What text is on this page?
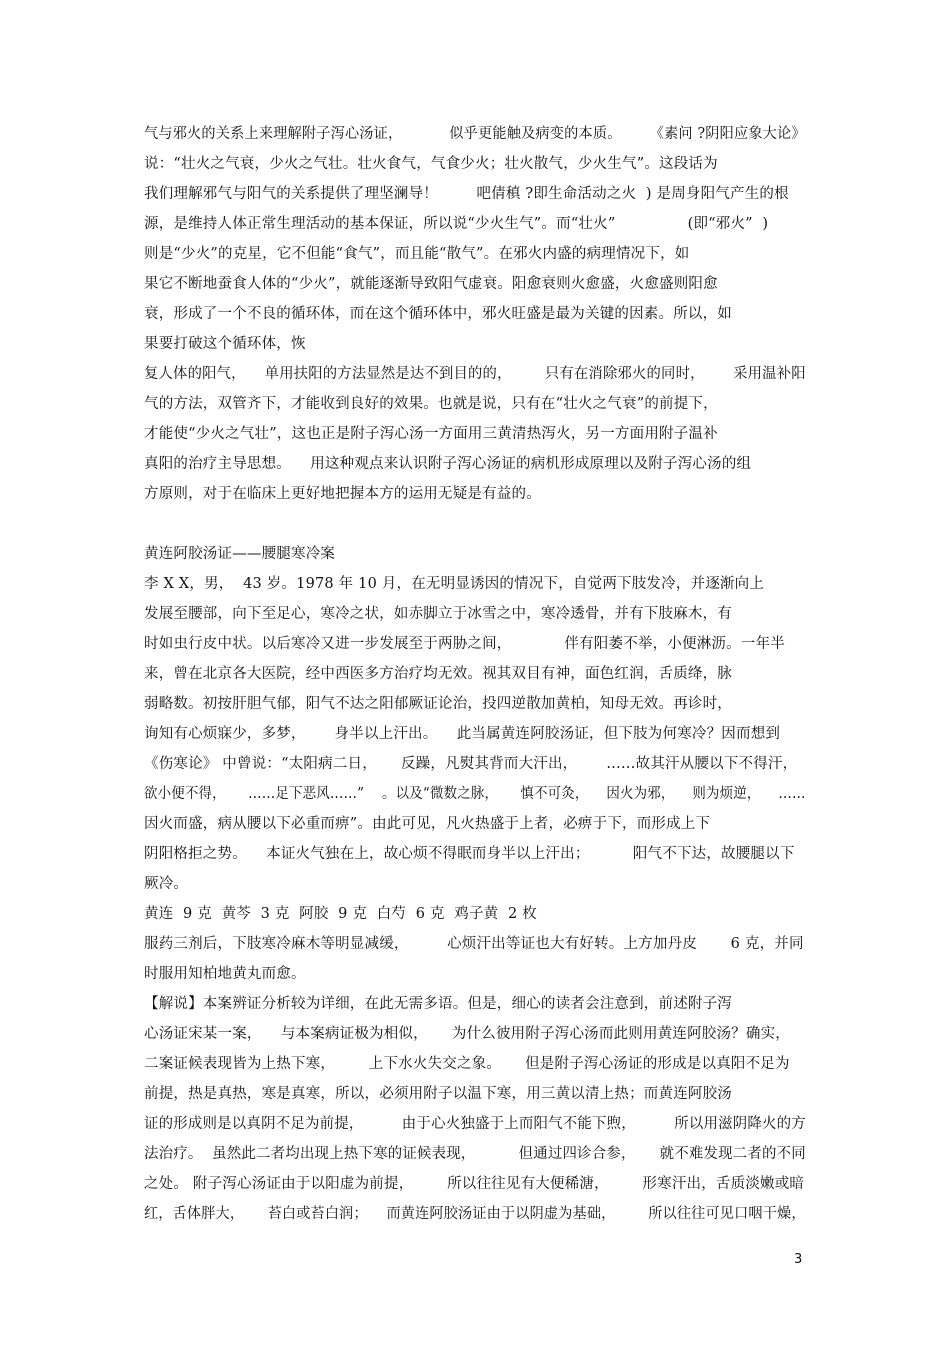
气与邪火的关系上来理解附子泻心汤证，          似乎更能触及病变的本质。      《素问 ?阴阳应象大论》
说：“壮火之气衰，少火之气壮。壮火食气，气食少火；壮火散气，少火生气”。这段话为
我们理解邪气与阳气的关系提供了理坚澜导！        吧倩稹 ?即生命活动之火  ) 是周身阳气产生的根
源，是维持人体正常生理活动的基本保证，所以说“少火生气”。而“壮火”               (即“邪火”  )
则是“少火”的克星，它不但能“食气”，而且能“散气”。在邪火内盛的病理情况下，如
果它不断地蚕食人体的“少火”，就能逐渐导致阳气虚衰。阳愈衰则火愈盛，火愈盛则阳愈
衰，形成了一个不良的循环体，而在这个循环体中，邪火旺盛是最为关键的因素。所以，如
果要打破这个循环体，恢
复人体的阳气，    单用扶阳的方法显然是达不到目的的，       只有在消除邪火的同时，      采用温补阳
气的方法，双管齐下，才能收到良好的效果。也就是说，只有在“壮火之气衰”的前提下，
才能使“少火之气壮”，这也正是附子泻心汤一方面用三黄清热泻火，另一方面用附子温补
真阳的治疗主导思想。    用这种观点来认识附子泻心汤证的病机形成原理以及附子泻心汤的组
方原则，对于在临床上更好地把握本方的运用无疑是有益的。
黄连阿胶汤证——腰腿寒冷案
李 X X，男，  43 岁。1978 年 10 月，在无明显诱因的情况下，自觉两下肢发冷，并逐渐向上
发展至腰部，向下至足心，寒冷之状，如赤脚立于冰雪之中，寒冷透骨，并有下肢麻木，有
时如虫行皮中状。以后寒冷又进一步发展至于两胁之间，           伴有阳萎不举，小便淋沥。一年半
来，曾在北京各大医院，经中西医多方治疗均无效。视其双目有神，面色红润，舌质绛，脉
弱略数。初按肝胆气郁，阳气不达之阳郁厥证论治，投四逆散加黄柏，知母无效。再诊时，
询知有心烦寐少，多梦，      身半以上汗出。    此当属黄连阿胶汤证，但下肢为何寒冷？因而想到
《伤寒论》 中曾说：“太阳病二日，     反躁，凡熨其背而大汗出，      ……故其汗从腰以下不得汗，
欲小便不得，     ……足下恶风……”    。以及“微数之脉，     慎不可灸，    因火为邪，    则为烦逆，    ……
因火而盛，病从腰以下必重而痹”。由此可见，凡火热盛于上者，必痹于下，而形成上下
阴阳格拒之势。    本证火气独在上，故心烦不得眠而身半以上汗出；         阳气不下达，故腰腿以下
厥冷。
黄连  9 克  黄芩  3 克  阿胶  9 克  白芍  6 克  鸡子黄  2 枚
服药三剂后，下肢寒冷麻木等明显减缓，        心烦汗出等证也大有好转。上方加丹皮       6 克，并同
时服用知柏地黄丸而愈。
【解说】本案辨证分析较为详细，在此无需多语。但是，细心的读者会注意到，前述附子泻
心汤证宋某一案，    与本案病证极为相似，     为什么彼用附子泻心汤而此则用黄连阿胶汤？确实，
二案证候表现皆为上热下寒，       上下水火失交之象。     但是附子泻心汤证的形成是以真阳不足为
前提，热是真热，寒是真寒，所以，必须用附子以温下寒，用三黄以清上热；而黄连阿胶汤
证的形成则是以真阴不足为前提，        由于心火独盛于上而阳气不能下煦，        所以用滋阴降火的方
法治疗。  虽然此二者均出现上热下寒的证候表现，         但通过四诊合参，     就不难发现二者的不同
之处。 附子泻心汤证由于以阳虚为前提，       所以往往见有大便稀溏，       形寒汗出，舌质淡嫩或暗
红，舌体胖大，     苔白或苔白润；    而黄连阿胶汤证由于以阴虚为基础，       所以往往可见口咽干燥，
3
